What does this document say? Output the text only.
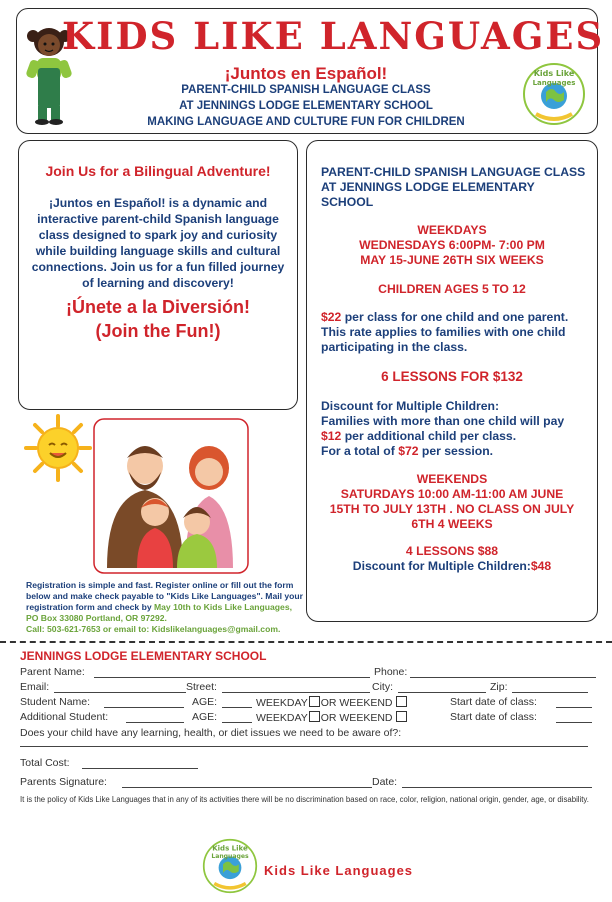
KIDS LIKE LANGUAGES
¡Juntos en Español!
PARENT-CHILD SPANISH LANGUAGE CLASS
AT JENNINGS LODGE ELEMENTARY SCHOOL
MAKING LANGUAGE AND CULTURE FUN FOR CHILDREN
Kids Like
Languages
Join Us for a Bilingual Adventure!
¡Juntos en Español! is a dynamic and interactive parent-child Spanish language class designed to spark joy and curiosity while building language skills and cultural connections. Join us for a fun filled journey of learning and discovery!
¡Únete a la Diversión!
(Join the Fun!)
Registration is simple and fast. Register online or fill out the form below and make check payable to "Kids Like Languages". Mail your registration form and check by May 10th to Kids Like Languages, PO Box 33080 Portland, OR 97292.
Call: 503-621-7653 or email to: Kidslikelanguages@gmail.com.
PARENT-CHILD SPANISH LANGUAGE CLASS AT JENNINGS LODGE ELEMENTARY SCHOOL
WEEKDAYS
WEDNESDAYS 6:00PM- 7:00 PM
MAY 15-JUNE 26TH SIX WEEKS
CHILDREN AGES 5 TO 12
$22 per class for one child and one parent. This rate applies to families with one child participating in the class.
6 LESSONS FOR $132
Discount for Multiple Children:
Families with more than one child will pay $12 per additional child per class.
For a total of $72 per session.
WEEKENDS
SATURDAYS 10:00 AM-11:00 AM JUNE 15TH TO JULY 13TH . NO CLASS ON JULY 6TH 4 WEEKS
4 LESSONS $88
Discount for Multiple Children:$48
JENNINGS LODGE ELEMENTARY SCHOOL
Parent Name:	Phone:
Email:	Street:	City:	Zip:
Student Name:	AGE:	WEEKDAY OR WEEKEND	Start date of class:
Additional Student:	AGE:	WEEKDAY OR WEEKEND	Start date of class:
Does your child have any learning, health, or diet issues we need to be aware of?:
Total Cost:
Parents Signature:	Date:
It is the policy of Kids Like Languages that in any of its activities there will be no discrimination based on race, color, religion, national origin, gender, age, or disability.
Kids Like
Languages
Kids Like Languages
